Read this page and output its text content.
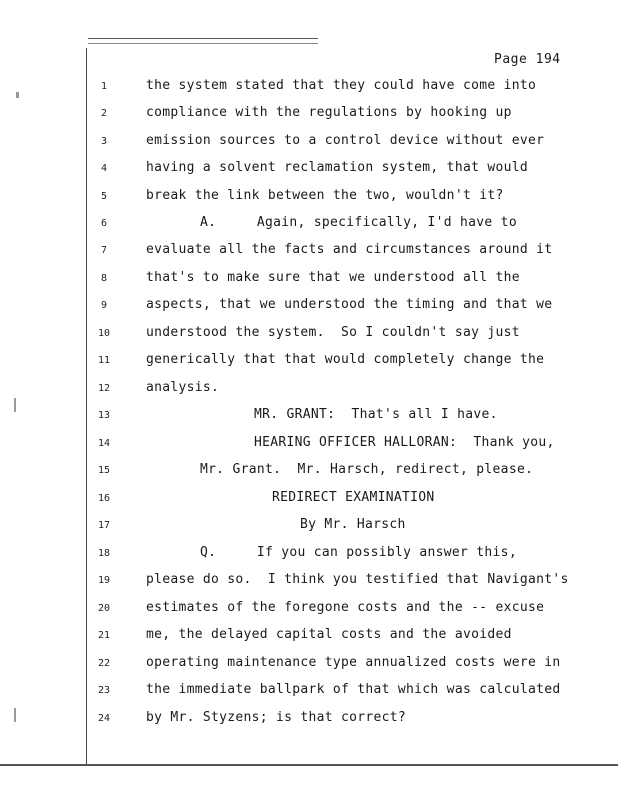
Page 194
1	the system stated that they could have come into
2	compliance with the regulations by hooking up
3	emission sources to a control device without ever
4	having a solvent reclamation system, that would
5	break the link between the two, wouldn't it?
6	A.     Again, specifically, I'd have to
7	evaluate all the facts and circumstances around it
8	that's to make sure that we understood all the
9	aspects, that we understood the timing and that we
10	understood the system.  So I couldn't say just
11	generically that that would completely change the
12	analysis.
13	MR. GRANT:  That's all I have.
14	HEARING OFFICER HALLORAN:  Thank you,
15	Mr. Grant.  Mr. Harsch, redirect, please.
16	REDIRECT EXAMINATION
17	By Mr. Harsch
18	Q.     If you can possibly answer this,
19	please do so.  I think you testified that Navigant's
20	estimates of the foregone costs and the -- excuse
21	me, the delayed capital costs and the avoided
22	operating maintenance type annualized costs were in
23	the immediate ballpark of that which was calculated
24	by Mr. Styzens; is that correct?
